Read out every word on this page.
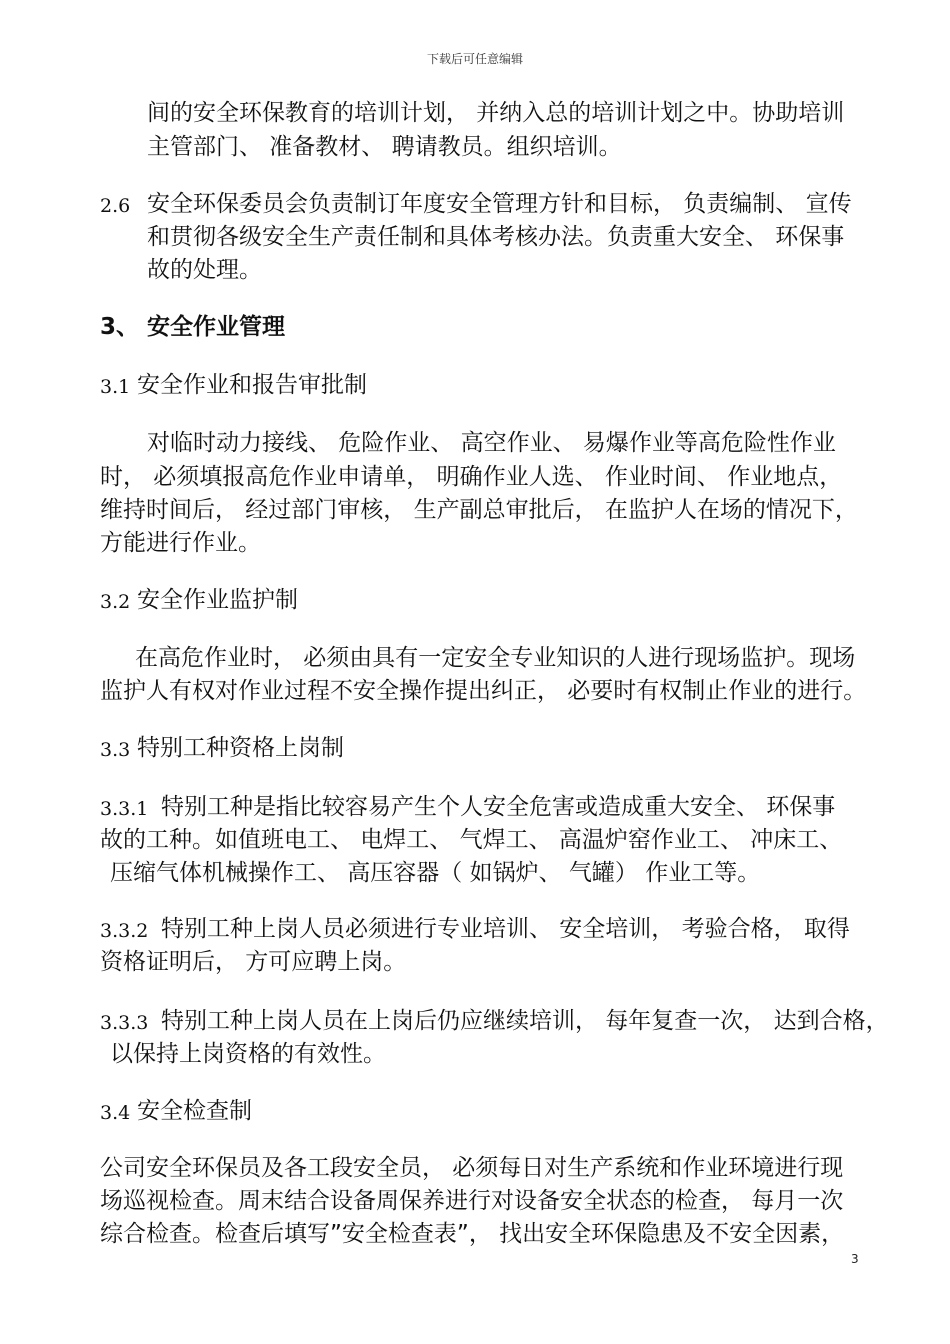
下载后可任意编辑
间的安全环保教育的培训计划， 并纳入总的培训计划之中。协助培训
主管部门、 准备教材、 聘请教员。组织培训。
2.6 安全环保委员会负责制订年度安全管理方针和目标， 负责编制、 宣传
和贯彻各级安全生产责任制和具体考核办法。负责重大安全、 环保事
故的处理。
3、 安全作业管理
3.1 安全作业和报告审批制
对临时动力接线、 危险作业、 高空作业、 易爆作业等高危险性作业
时， 必须填报高危作业申请单， 明确作业人选、 作业时间、 作业地点，
维持时间后， 经过部门审核， 生产副总审批后， 在监护人在场的情况下，
方能进行作业。
3.2 安全作业监护制
在高危作业时， 必须由具有一定安全专业知识的人进行现场监护。现场
监护人有权对作业过程不安全操作提出纠正， 必要时有权制止作业的进行。
3.3 特别工种资格上岗制
3.3.1 特别工种是指比较容易产生个人安全危害或造成重大安全、 环保事
故的工种。如值班电工、 电焊工、 气焊工、 高温炉窑作业工、 冲床工、
压缩气体机械操作工、 高压容器（ 如锅炉、 气罐） 作业工等。
3.3.2 特别工种上岗人员必须进行专业培训、 安全培训， 考验合格， 取得
资格证明后， 方可应聘上岗。
3.3.3 特别工种上岗人员在上岗后仍应继续培训， 每年复查一次， 达到合格，
以保持上岗资格的有效性。
3.4 安全检查制
公司安全环保员及各工段安全员， 必须每日对生产系统和作业环境进行现
场巡视检查。周末结合设备周保养进行对设备安全状态的检查， 每月一次
综合检查。检查后填写”安全检查表”， 找出安全环保隐患及不安全因素，
3
